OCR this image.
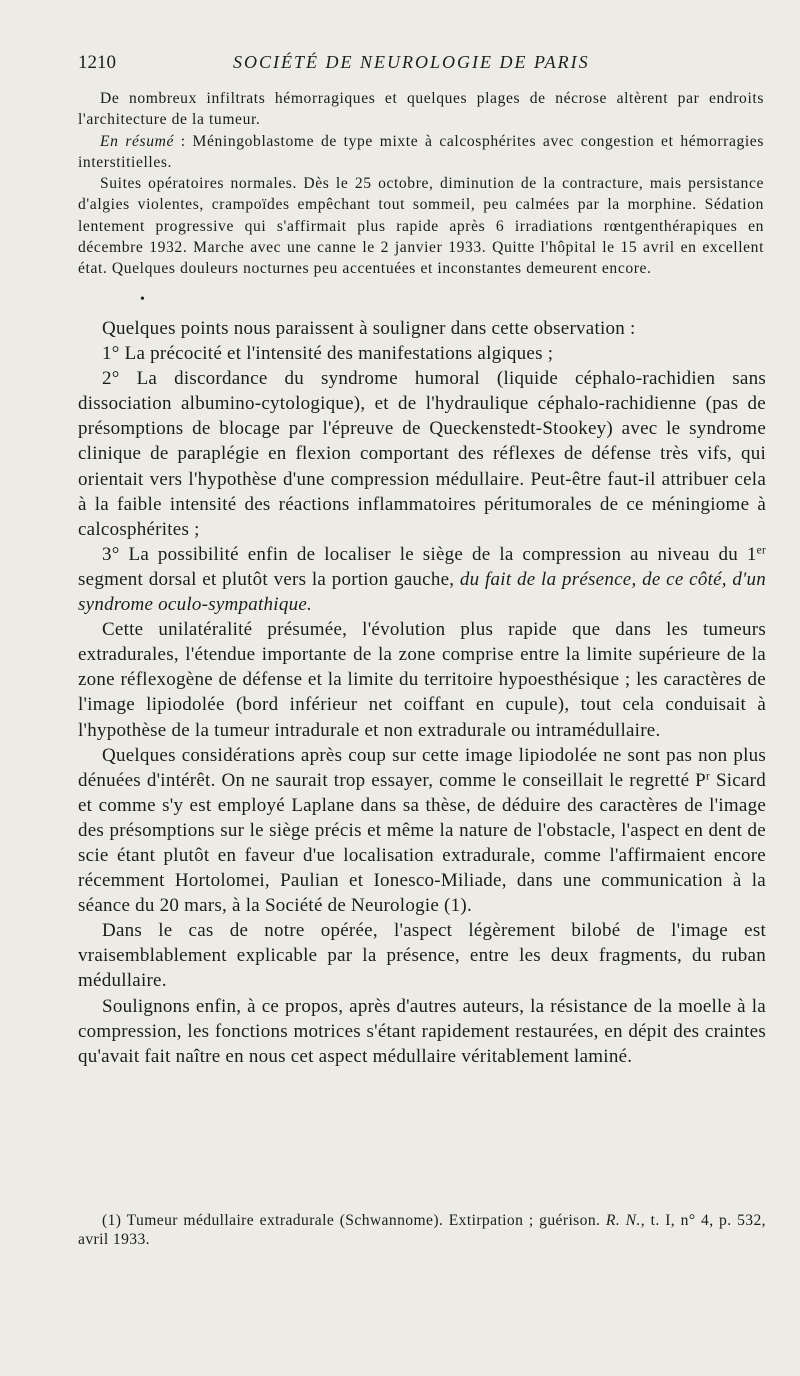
1210	SOCIÉTÉ DE NEUROLOGIE DE PARIS

De nombreux infiltrats hémorragiques et quelques plages de nécrose altèrent par endroits l'architecture de la tumeur.

En résumé : Méningoblastome de type mixte à calcosphérites avec congestion et hémorragies interstitielles.

Suites opératoires normales. Dès le 25 octobre, diminution de la contracture, mais persistance d'algies violentes, crampoïdes empêchant tout sommeil, peu calmées par la morphine. Sédation lentement progressive qui s'affirmait plus rapide après 6 irradiations rœntgenthérapiques en décembre 1932. Marche avec une canne le 2 janvier 1933. Quitte l'hôpital le 15 avril en excellent état. Quelques douleurs nocturnes peu accentuées et inconstantes demeurent encore.

•

Quelques points nous paraissent à souligner dans cette observation :

1° La précocité et l'intensité des manifestations algiques ;

2° La discordance du syndrome humoral (liquide céphalo-rachidien sans dissociation albumino-cytologique), et de l'hydraulique céphalo-rachidienne (pas de présomptions de blocage par l'épreuve de Queckenstedt-Stookey) avec le syndrome clinique de paraplégie en flexion comportant des réflexes de défense très vifs, qui orientait vers l'hypothèse d'une compression médullaire. Peut-être faut-il attribuer cela à la faible intensité des réactions inflammatoires péritumorales de ce méningiome à calcosphérites ;

3° La possibilité enfin de localiser le siège de la compression au niveau du 1er segment dorsal et plutôt vers la portion gauche, du fait de la présence, de ce côté, d'un syndrome oculo-sympathique.

Cette unilatéralité présumée, l'évolution plus rapide que dans les tumeurs extradurales, l'étendue importante de la zone comprise entre la limite supérieure de la zone réflexogène de défense et la limite du territoire hypoesthésique ; les caractères de l'image lipiodolée (bord inférieur net coiffant en cupule), tout cela conduisait à l'hypothèse de la tumeur intradurale et non extradurale ou intramédullaire.

Quelques considérations après coup sur cette image lipiodolée ne sont pas non plus dénuées d'intérêt. On ne saurait trop essayer, comme le conseillait le regretté $P^r$ Sicard et comme s'y est employé Laplane dans sa thèse, de déduire des caractères de l'image des présomptions sur le siège précis et même la nature de l'obstacle, l'aspect en dent de scie étant plutôt en faveur d'ue localisation extradurale, comme l'affirmaient encore récemment Hortolomei, Paulian et Ionesco-Miliade, dans une communication à la séance du 20 mars, à la Société de Neurologie (1).

Dans le cas de notre opérée, l'aspect légèrement bilobé de l'image est vraisemblablement explicable par la présence, entre les deux fragments, du ruban médullaire.

Soulignons enfin, à ce propos, après d'autres auteurs, la résistance de la moelle à la compression, les fonctions motrices s'étant rapidement restaurées, en dépit des craintes qu'avait fait naître en nous cet aspect médullaire véritablement laminé.

(1) Tumeur médullaire extradurale (Schwannome). Extirpation ; guérison. R. N., t. I, n° 4, p. 532, avril 1933.
